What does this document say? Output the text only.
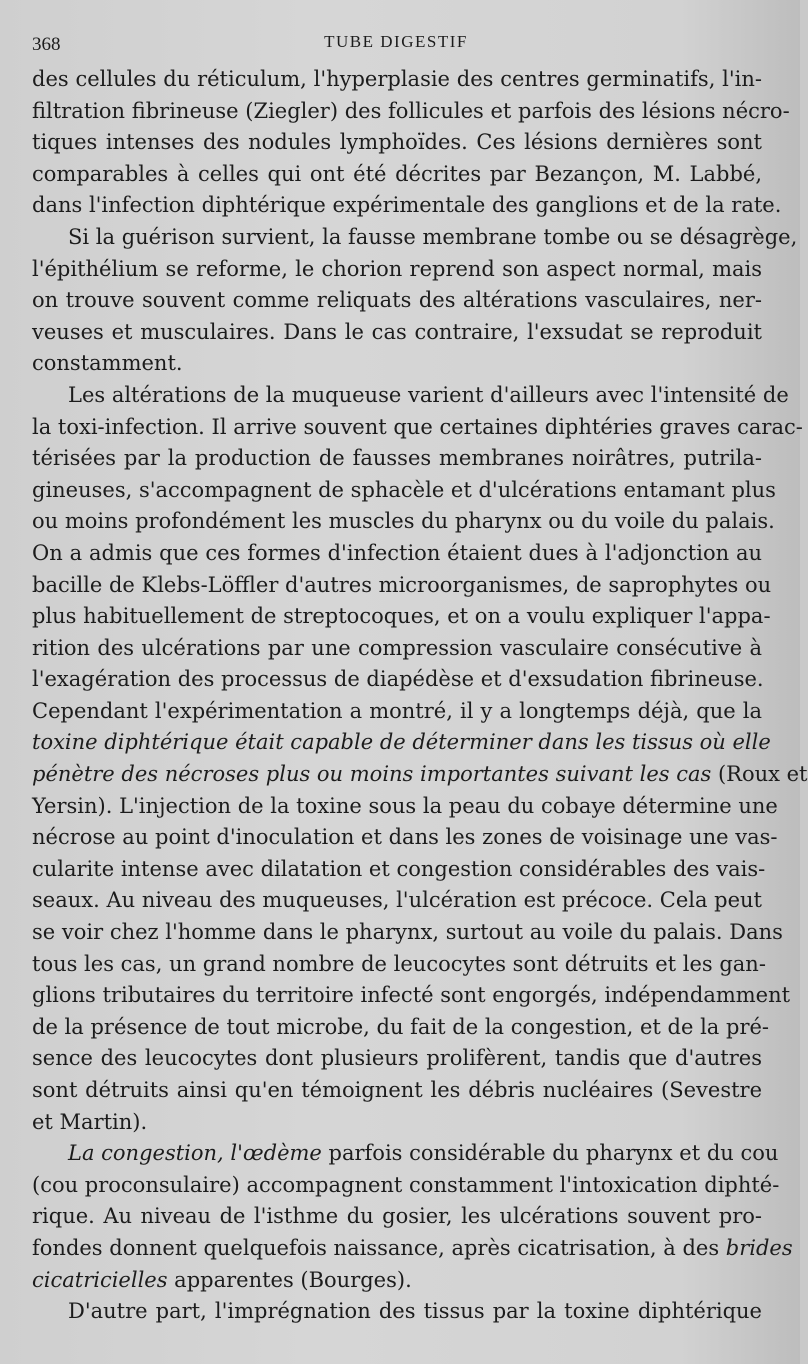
368	TUBE DIGESTIF
des cellules du réticulum, l'hyperplasie des centres germinatifs, l'in-
filtration fibrineuse (Ziegler) des follicules et parfois des lésions nécro-
tiques intenses des nodules lymphoïdes. Ces lésions dernières sont
comparables à celles qui ont été décrites par Bezançon, M. Labbé,
dans l'infection diphtérique expérimentale des ganglions et de la rate.
Si la guérison survient, la fausse membrane tombe ou se désagrège,
l'épithélium se reforme, le chorion reprend son aspect normal, mais
on trouve souvent comme reliquats des altérations vasculaires, ner-
veuses et musculaires. Dans le cas contraire, l'exsudat se reproduit
constamment.
Les altérations de la muqueuse varient d'ailleurs avec l'intensité de
la toxi-infection. Il arrive souvent que certaines diphtéries graves carac-
térisées par la production de fausses membranes noirâtres, putrila-
gineuses, s'accompagnent de sphacèle et d'ulcérations entamant plus
ou moins profondément les muscles du pharynx ou du voile du palais.
On a admis que ces formes d'infection étaient dues à l'adjonction au
bacille de Klebs-Löffler d'autres microorganismes, de saprophytes ou
plus habituellement de streptocoques, et on a voulu expliquer l'appa-
rition des ulcérations par une compression vasculaire consécutive à
l'exagération des processus de diapédèse et d'exsudation fibrineuse.
Cependant l'expérimentation a montré, il y a longtemps déjà, que la
toxine diphtérique était capable de déterminer dans les tissus où elle
pénètre des nécroses plus ou moins importantes suivant les cas (Roux et
Yersin). L'injection de la toxine sous la peau du cobaye détermine une
nécrose au point d'inoculation et dans les zones de voisinage une vas-
cularite intense avec dilatation et congestion considérables des vais-
seaux. Au niveau des muqueuses, l'ulcération est précoce. Cela peut
se voir chez l'homme dans le pharynx, surtout au voile du palais. Dans
tous les cas, un grand nombre de leucocytes sont détruits et les gan-
glions tributaires du territoire infecté sont engorgés, indépendamment
de la présence de tout microbe, du fait de la congestion, et de la pré-
sence des leucocytes dont plusieurs prolifèrent, tandis que d'autres
sont détruits ainsi qu'en témoignent les débris nucléaires (Sevestre
et Martin).
La congestion, l'œdème parfois considérable du pharynx et du cou
(cou proconsulaire) accompagnent constamment l'intoxication diphté-
rique. Au niveau de l'isthme du gosier, les ulcérations souvent pro-
fondes donnent quelquefois naissance, après cicatrisation, à des brides
cicatricielles apparentes (Bourges).
D'autre part, l'imprégnation des tissus par la toxine diphtérique
